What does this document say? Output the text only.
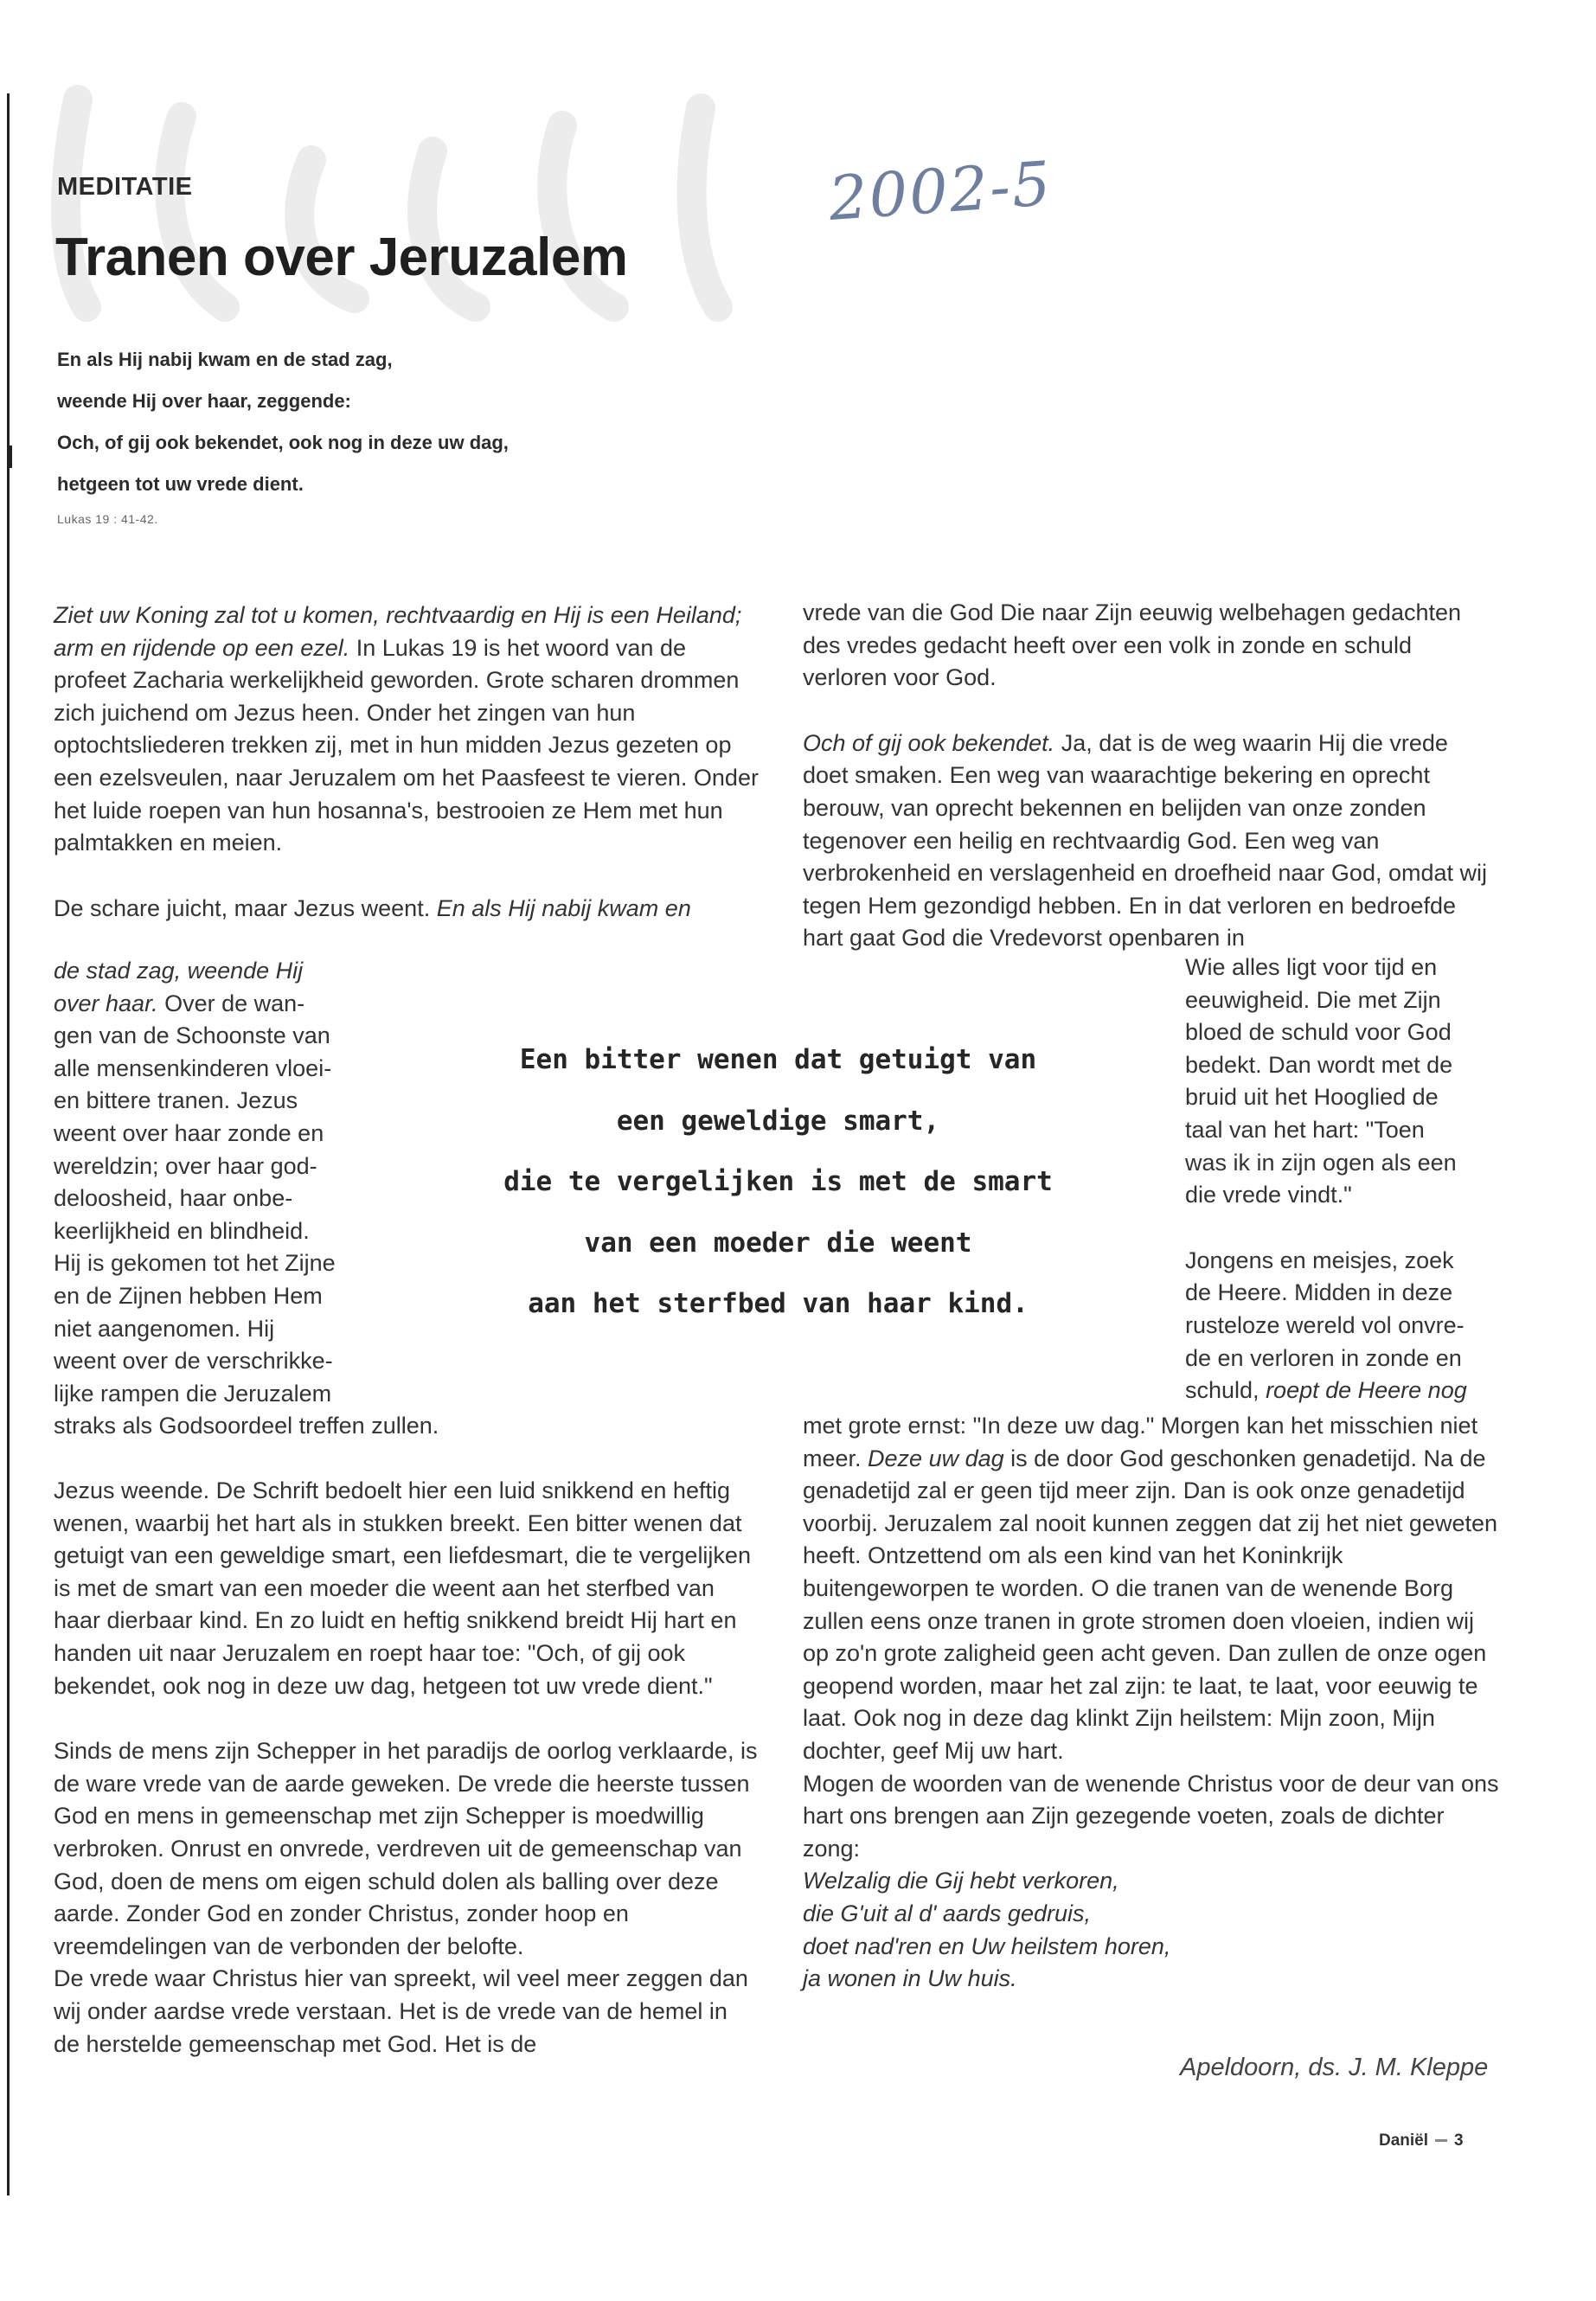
2002-5
MEDITATIE
Tranen over Jeruzalem
En als Hij nabij kwam en de stad zag,
weende Hij over haar, zeggende:
Och, of gij ook bekendet, ook nog in deze uw dag,
hetgeen tot uw vrede dient.
Lukas 19 : 41-42.

Ziet uw Koning zal tot u komen, rechtvaardig en Hij is een Heiland; arm en rijdende op een ezel. In Lukas 19 is het woord van de profeet Zacharia werkelijkheid geworden. Grote scharen drommen zich juichend om Jezus heen. Onder het zingen van hun optochtsliederen trekken zij, met in hun midden Jezus gezeten op een ezelsveulen, naar Jeruzalem om het Paasfeest te vieren. Onder het luide roepen van hun hosanna's, bestrooien ze Hem met hun palmtakken en meien.

De schare juicht, maar Jezus weent. En als Hij nabij kwam en

de stad zag, weende Hij
over haar. Over de wan-
gen van de Schoonste van
alle mensenkinderen vloei-
en bittere tranen. Jezus
weent over haar zonde en
wereldzin; over haar god-
deloosheid, haar onbe-
keerlijkheid en blindheid.
Hij is gekomen tot het Zijne
en de Zijnen hebben Hem
niet aangenomen. Hij
weent over de verschrikke-
lijke rampen die Jeruzalem
straks als Godsoordeel treffen zullen.
Een bitter wenen dat getuigt van
een geweldige smart,
die te vergelijken is met de smart
van een moeder die weent
aan het sterfbed van haar kind.

vrede van die God Die naar Zijn eeuwig welbehagen gedachten des vredes gedacht heeft over een volk in zonde en schuld verloren voor God.

Och of gij ook bekendet. Ja, dat is de weg waarin Hij die vrede doet smaken. Een weg van waarachtige bekering en oprecht berouw, van oprecht bekennen en belijden van onze zonden tegenover een heilig en rechtvaardig God. Een weg van verbrokenheid en verslagenheid en droefheid naar God, omdat wij tegen Hem gezondigd hebben. En in dat verloren en bedroefde hart gaat God die Vredevorst openbaren in

Wie alles ligt voor tijd en
eeuwigheid. Die met Zijn
bloed de schuld voor God
bedekt. Dan wordt met de
bruid uit het Hooglied de
taal van het hart: "Toen
was ik in zijn ogen als een
die vrede vindt."
Jongens en meisjes, zoek
de Heere. Midden in deze
rusteloze wereld vol onvre-
de en verloren in zonde en
schuld, roept de Heere nog

Jezus weende. De Schrift bedoelt hier een luid snikkend en heftig wenen, waarbij het hart als in stukken breekt. Een bitter wenen dat getuigt van een geweldige smart, een liefdesmart, die te vergelijken is met de smart van een moeder die weent aan het sterfbed van haar dierbaar kind. En zo luidt en heftig snikkend breidt Hij hart en handen uit naar Jeruzalem en roept haar toe: "Och, of gij ook bekendet, ook nog in deze uw dag, hetgeen tot uw vrede dient."

Sinds de mens zijn Schepper in het paradijs de oorlog verklaarde, is de ware vrede van de aarde geweken. De vrede die heerste tussen God en mens in gemeenschap met zijn Schepper is moedwillig verbroken. Onrust en onvrede, verdreven uit de gemeenschap van God, doen de mens om eigen schuld dolen als balling over deze aarde. Zonder God en zonder Christus, zonder hoop en vreemdelingen van de verbonden der belofte.

De vrede waar Christus hier van spreekt, wil veel meer zeggen dan wij onder aardse vrede verstaan. Het is de vrede van de hemel in de herstelde gemeenschap met God. Het is de

met grote ernst: "In deze uw dag." Morgen kan het misschien niet meer. Deze uw dag is de door God geschonken genadetijd. Na de genadetijd zal er geen tijd meer zijn. Dan is ook onze genadetijd voorbij. Jeruzalem zal nooit kunnen zeggen dat zij het niet geweten heeft. Ontzettend om als een kind van het Koninkrijk buitengeworpen te worden. O die tranen van de wenende Borg zullen eens onze tranen in grote stromen doen vloeien, indien wij op zo'n grote zaligheid geen acht geven. Dan zullen de onze ogen geopend worden, maar het zal zijn: te laat, te laat, voor eeuwig te laat. Ook nog in deze dag klinkt Zijn heilstem: Mijn zoon, Mijn dochter, geef Mij uw hart.

Mogen de woorden van de wenende Christus voor de deur van ons hart ons brengen aan Zijn gezegende voeten, zoals de dichter zong:

Welzalig die Gij hebt verkoren,
die G'uit al d' aards gedruis,
doet nad'ren en Uw heilstem horen,
ja wonen in Uw huis.
Apeldoorn, ds. J. M. Kleppe
Daniël 3
